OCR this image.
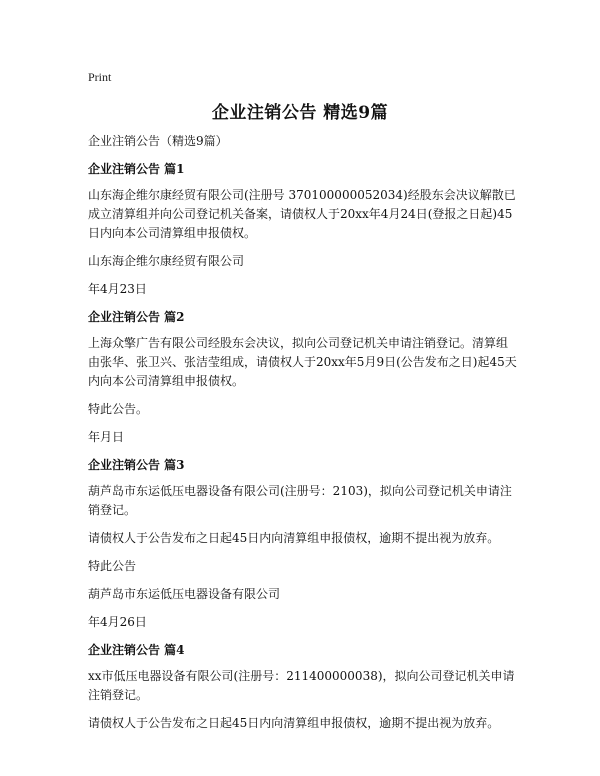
Print
企业注销公告 精选9篇

企业注销公告（精选9篇）

企业注销公告 篇1

山东海企维尔康经贸有限公司(注册号 370100000052034)经股东会决议解散已成立清算组并向公司登记机关备案，请债权人于20xx年4月24日(登报之日起)45日内向本公司清算组申报债权。

山东海企维尔康经贸有限公司

年4月23日

企业注销公告 篇2

上海众擎广告有限公司经股东会决议，拟向公司登记机关申请注销登记。清算组由张华、张卫兴、张洁莹组成，请债权人于20xx年5月9日(公告发布之日)起45天内向本公司清算组申报债权。

特此公告。

年月日

企业注销公告 篇3

葫芦岛市东运低压电器设备有限公司(注册号：2103)，拟向公司登记机关申请注销登记。

请债权人于公告发布之日起45日内向清算组申报债权，逾期不提出视为放弃。

特此公告

葫芦岛市东运低压电器设备有限公司

年4月26日

企业注销公告 篇4

xx市低压电器设备有限公司(注册号：211400000038)，拟向公司登记机关申请注销登记。

请债权人于公告发布之日起45日内向清算组申报债权，逾期不提出视为放弃。
